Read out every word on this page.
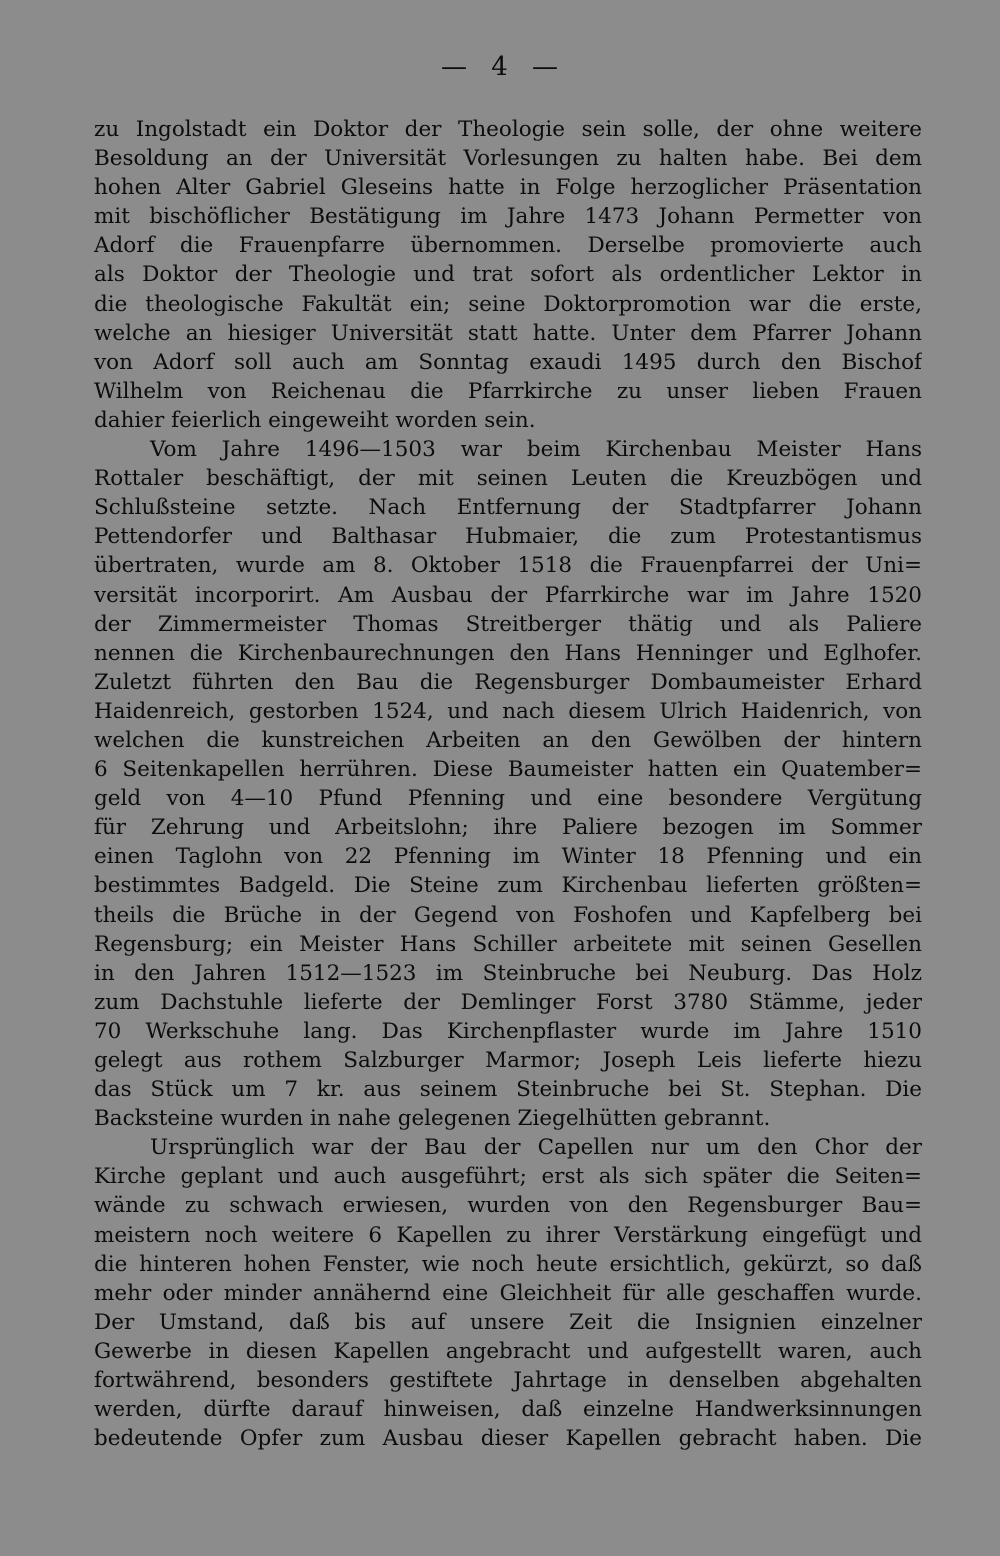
— 4 —
zu Ingolstadt ein Doktor der Theologie sein solle, der ohne weitere
Besoldung an der Universität Vorlesungen zu halten habe. Bei dem
hohen Alter Gabriel Gleseins hatte in Folge herzoglicher Präsentation
mit bischöflicher Bestätigung im Jahre 1473 Johann Permetter von
Adorf die Frauenpfarre übernommen. Derselbe promovierte auch
als Doktor der Theologie und trat sofort als ordentlicher Lektor in
die theologische Fakultät ein; seine Doktorpromotion war die erste,
welche an hiesiger Universität statt hatte. Unter dem Pfarrer Johann
von Adorf soll auch am Sonntag exaudi 1495 durch den Bischof
Wilhelm von Reichenau die Pfarrkirche zu unser lieben Frauen
dahier feierlich eingeweiht worden sein.
Vom Jahre 1496—1503 war beim Kirchenbau Meister Hans
Rottaler beschäftigt, der mit seinen Leuten die Kreuzbögen und
Schlußsteine setzte. Nach Entfernung der Stadtpfarrer Johann
Pettendorfer und Balthasar Hubmaier, die zum Protestantismus
übertraten, wurde am 8. Oktober 1518 die Frauenpfarrei der Uni=
versität incorporirt. Am Ausbau der Pfarrkirche war im Jahre 1520
der Zimmermeister Thomas Streitberger thätig und als Paliere
nennen die Kirchenbaurechnungen den Hans Henninger und Eglhofer.
Zuletzt führten den Bau die Regensburger Dombaumeister Erhard
Haidenreich, gestorben 1524, und nach diesem Ulrich Haidenrich, von
welchen die kunstreichen Arbeiten an den Gewölben der hintern
6 Seitenkapellen herrühren. Diese Baumeister hatten ein Quatember=
geld von 4—10 Pfund Pfenning und eine besondere Vergütung
für Zehrung und Arbeitslohn; ihre Paliere bezogen im Sommer
einen Taglohn von 22 Pfenning im Winter 18 Pfenning und ein
bestimmtes Badgeld. Die Steine zum Kirchenbau lieferten größten=
theils die Brüche in der Gegend von Foshofen und Kapfelberg bei
Regensburg; ein Meister Hans Schiller arbeitete mit seinen Gesellen
in den Jahren 1512—1523 im Steinbruche bei Neuburg. Das Holz
zum Dachstuhle lieferte der Demlinger Forst 3780 Stämme, jeder
70 Werkschuhe lang. Das Kirchenpflaster wurde im Jahre 1510
gelegt aus rothem Salzburger Marmor; Joseph Leis lieferte hiezu
das Stück um 7 kr. aus seinem Steinbruche bei St. Stephan. Die
Backsteine wurden in nahe gelegenen Ziegelhütten gebrannt.
Ursprünglich war der Bau der Capellen nur um den Chor der
Kirche geplant und auch ausgeführt; erst als sich später die Seiten=
wände zu schwach erwiesen, wurden von den Regensburger Bau=
meistern noch weitere 6 Kapellen zu ihrer Verstärkung eingefügt und
die hinteren hohen Fenster, wie noch heute ersichtlich, gekürzt, so daß
mehr oder minder annähernd eine Gleichheit für alle geschaffen wurde.
Der Umstand, daß bis auf unsere Zeit die Insignien einzelner
Gewerbe in diesen Kapellen angebracht und aufgestellt waren, auch
fortwährend, besonders gestiftete Jahrtage in denselben abgehalten
werden, dürfte darauf hinweisen, daß einzelne Handwerksinnungen
bedeutende Opfer zum Ausbau dieser Kapellen gebracht haben. Die
